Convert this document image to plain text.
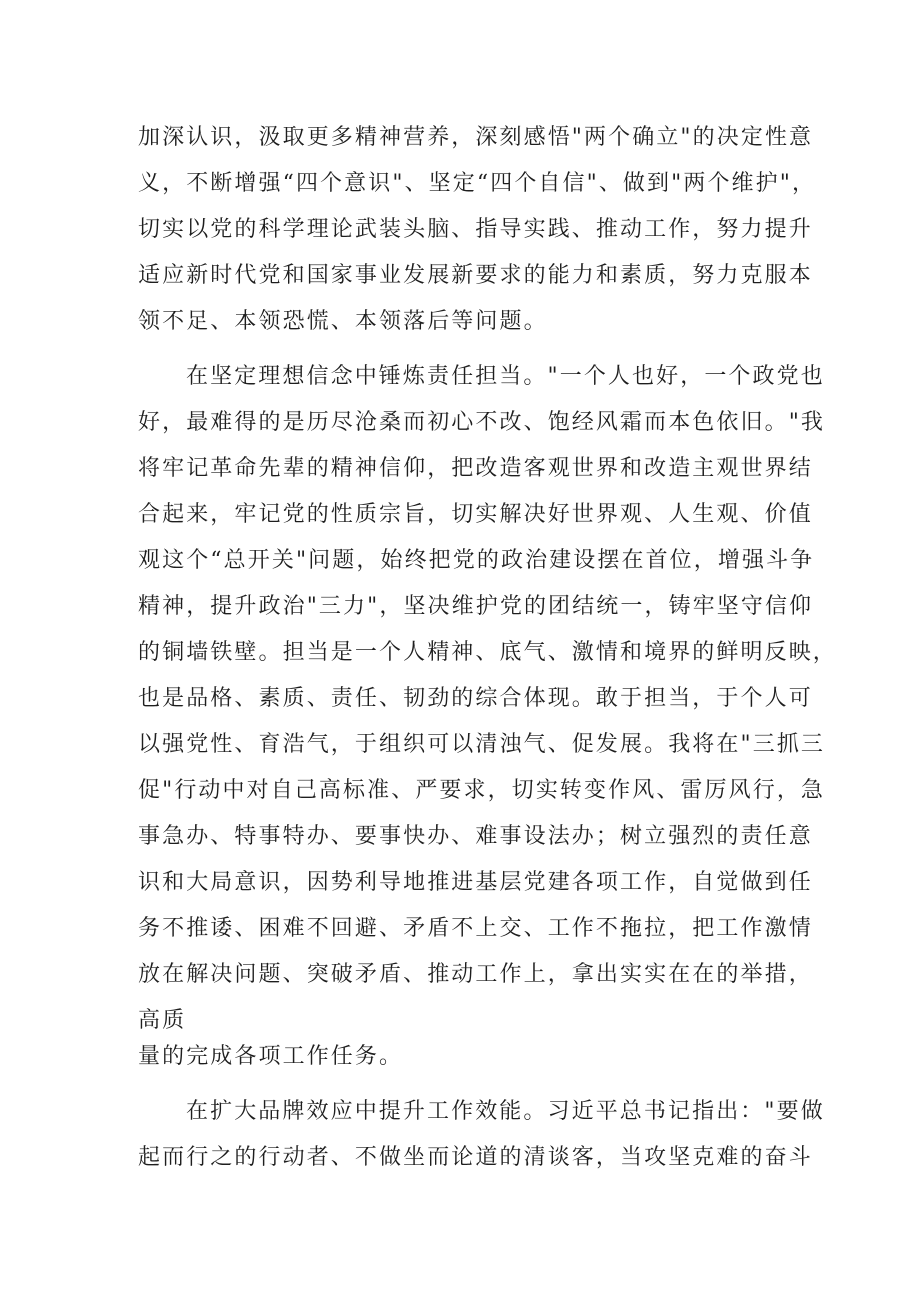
加深认识，汲取更多精神营养，深刻感悟"两个确立"的决定性意
义，不断增强“四个意识"、坚定“四个自信"、做到"两个维护"，
切实以党的科学理论武装头脑、指导实践、推动工作，努力提升
适应新时代党和国家事业发展新要求的能力和素质，努力克服本
领不足、本领恐慌、本领落后等问题。
在坚定理想信念中锤炼责任担当。"一个人也好，一个政党也
好，最难得的是历尽沧桑而初心不改、饱经风霜而本色依旧。"我
将牢记革命先辈的精神信仰，把改造客观世界和改造主观世界结
合起来，牢记党的性质宗旨，切实解决好世界观、人生观、价值
观这个“总开关"问题，始终把党的政治建设摆在首位，增强斗争
精神，提升政治"三力"，坚决维护党的团结统一，铸牢坚守信仰
的铜墙铁壁。担当是一个人精神、底气、激情和境界的鲜明反映，
也是品格、素质、责任、韧劲的综合体现。敢于担当，于个人可
以强党性、育浩气，于组织可以清浊气、促发展。我将在"三抓三
促"行动中对自己高标准、严要求，切实转变作风、雷厉风行，急
事急办、特事特办、要事快办、难事设法办；树立强烈的责任意
识和大局意识，因势利导地推进基层党建各项工作，自觉做到任
务不推诿、困难不回避、矛盾不上交、工作不拖拉，把工作激情
放在解决问题、突破矛盾、推动工作上，拿出实实在在的举措，
高质
量的完成各项工作任务。
在扩大品牌效应中提升工作效能。习近平总书记指出："要做
起而行之的行动者、不做坐而论道的清谈客，当攻坚克难的奋斗
